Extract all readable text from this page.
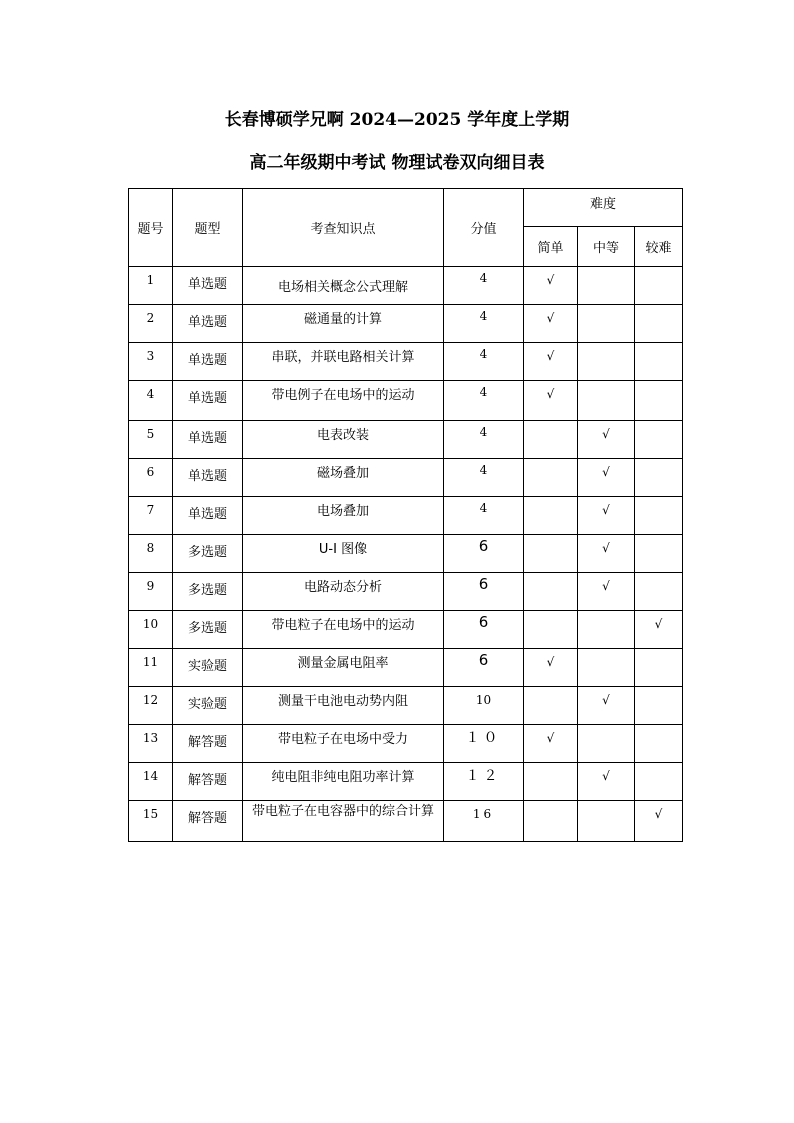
长春博硕学兄啊 2024—2025 学年度上学期
高二年级期中考试 物理试卷双向细目表
题号	题型	考查知识点	分值	难度		
				简单	中等	较难
1	单选题	电场相关概念公式理解	4	√		
2	单选题	磁通量的计算	4	√		
3	单选题	串联，并联电路相关计算	4	√		
4	单选题	带电例子在电场中的运动	4	√		
5	单选题	电表改装	4		√	
6	单选题	磁场叠加	4		√	
7	单选题	电场叠加	4		√	
8	多选题	U-I 图像	6		√	
9	多选题	电路动态分析	6		√	
10	多选题	带电粒子在电场中的运动	6			√
11	实验题	测量金属电阻率	6	√		
12	实验题	测量干电池电动势内阻	10		√	
13	解答题	带电粒子在电场中受力	１０	√		
14	解答题	纯电阻非纯电阻功率计算	１２		√	
15	解答题	带电粒子在电容器中的综合计算	16			√
